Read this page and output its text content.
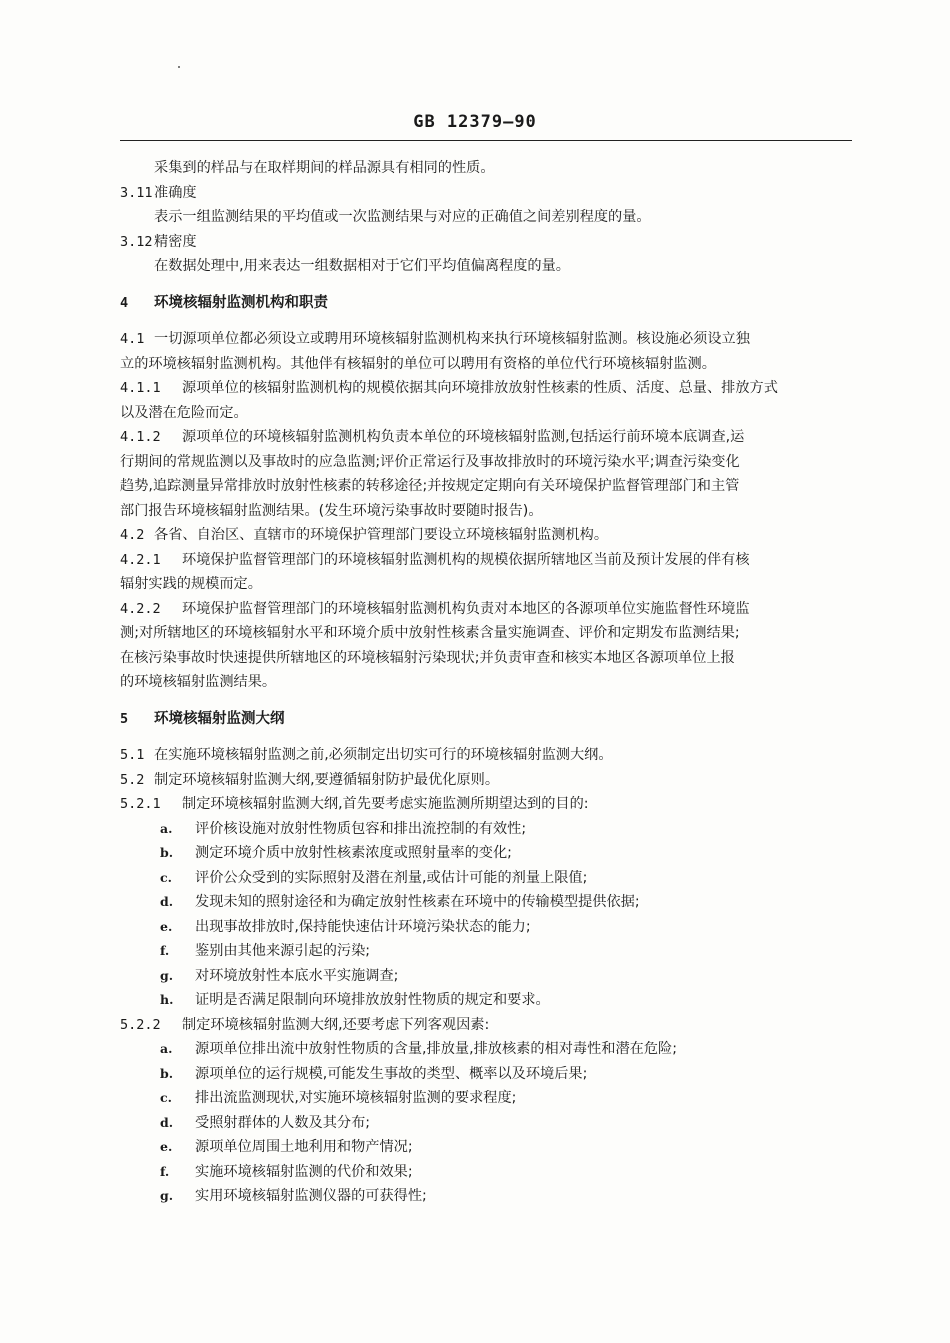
GB 12379—90
采集到的样品与在取样期间的样品源具有相同的性质。
3.11准确度
表示一组监测结果的平均值或一次监测结果与对应的正确值之间差别程度的量。
3.12精密度
在数据处理中,用来表达一组数据相对于它们平均值偏离程度的量。
4 环境核辐射监测机构和职责
4.1 一切源项单位都必须设立或聘用环境核辐射监测机构来执行环境核辐射监测。核设施必须设立独
立的环境核辐射监测机构。其他伴有核辐射的单位可以聘用有资格的单位代行环境核辐射监测。
4.1.1 源项单位的核辐射监测机构的规模依据其向环境排放放射性核素的性质、活度、总量、排放方式
以及潜在危险而定。
4.1.2 源项单位的环境核辐射监测机构负责本单位的环境核辐射监测,包括运行前环境本底调查,运
行期间的常规监测以及事故时的应急监测;评价正常运行及事故排放时的环境污染水平;调查污染变化
趋势,追踪测量异常排放时放射性核素的转移途径;并按规定定期向有关环境保护监督管理部门和主管
部门报告环境核辐射监测结果。(发生环境污染事故时要随时报告)。
4.2 各省、自治区、直辖市的环境保护管理部门要设立环境核辐射监测机构。
4.2.1 环境保护监督管理部门的环境核辐射监测机构的规模依据所辖地区当前及预计发展的伴有核
辐射实践的规模而定。
4.2.2 环境保护监督管理部门的环境核辐射监测机构负责对本地区的各源项单位实施监督性环境监
测;对所辖地区的环境核辐射水平和环境介质中放射性核素含量实施调查、评价和定期发布监测结果;
在核污染事故时快速提供所辖地区的环境核辐射污染现状;并负责审查和核实本地区各源项单位上报
的环境核辐射监测结果。
5 环境核辐射监测大纲
5.1 在实施环境核辐射监测之前,必须制定出切实可行的环境核辐射监测大纲。
5.2 制定环境核辐射监测大纲,要遵循辐射防护最优化原则。
5.2.1 制定环境核辐射监测大纲,首先要考虑实施监测所期望达到的目的:
a. 评价核设施对放射性物质包容和排出流控制的有效性;
b. 测定环境介质中放射性核素浓度或照射量率的变化;
c. 评价公众受到的实际照射及潜在剂量,或估计可能的剂量上限值;
d. 发现未知的照射途径和为确定放射性核素在环境中的传输模型提供依据;
e. 出现事故排放时,保持能快速估计环境污染状态的能力;
f. 鉴别由其他来源引起的污染;
g. 对环境放射性本底水平实施调查;
h. 证明是否满足限制向环境排放放射性物质的规定和要求。
5.2.2 制定环境核辐射监测大纲,还要考虑下列客观因素:
a. 源项单位排出流中放射性物质的含量,排放量,排放核素的相对毒性和潜在危险;
b. 源项单位的运行规模,可能发生事故的类型、概率以及环境后果;
c. 排出流监测现状,对实施环境核辐射监测的要求程度;
d. 受照射群体的人数及其分布;
e. 源项单位周围土地利用和物产情况;
f. 实施环境核辐射监测的代价和效果;
g. 实用环境核辐射监测仪器的可获得性;
